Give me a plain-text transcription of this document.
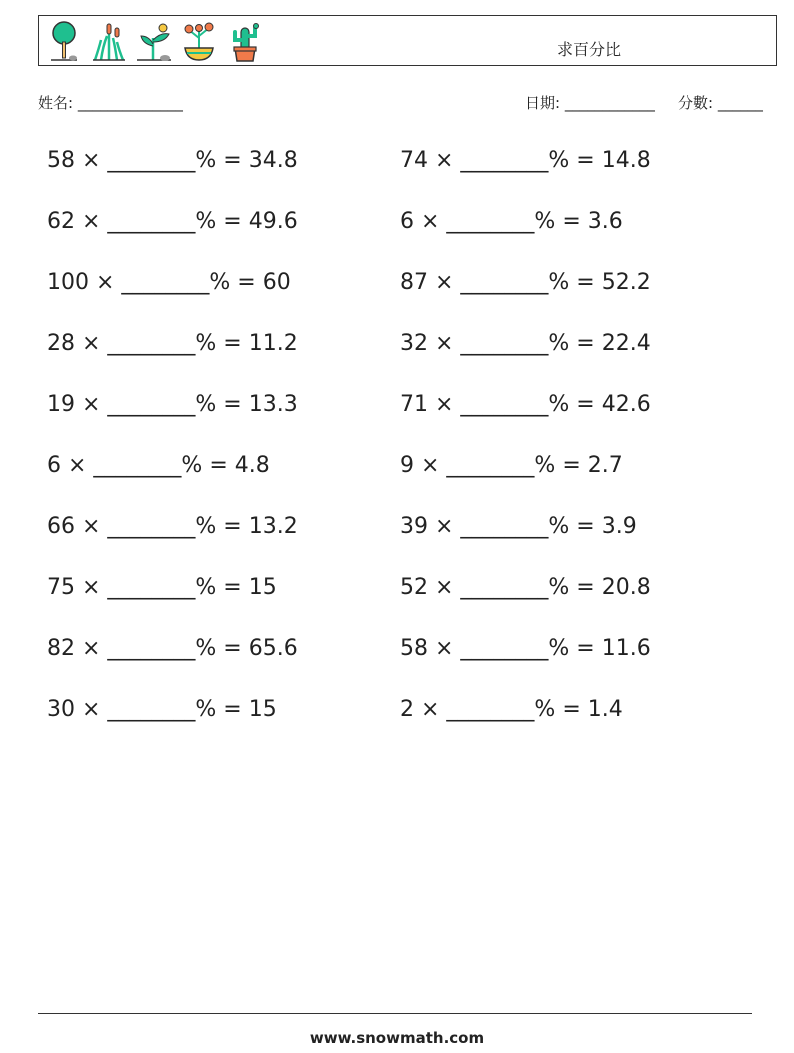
求百分比
姓名: ______________	日期: ____________ 分數: ______
58 × ________% = 34.8
62 × ________% = 49.6
100 × ________% = 60
28 × ________% = 11.2
19 × ________% = 13.3
6 × ________% = 4.8
66 × ________% = 13.2
75 × ________% = 15
82 × ________% = 65.6
30 × ________% = 15
74 × ________% = 14.8
6 × ________% = 3.6
87 × ________% = 52.2
32 × ________% = 22.4
71 × ________% = 42.6
9 × ________% = 2.7
39 × ________% = 3.9
52 × ________% = 20.8
58 × ________% = 11.6
2 × ________% = 1.4
www.snowmath.com
